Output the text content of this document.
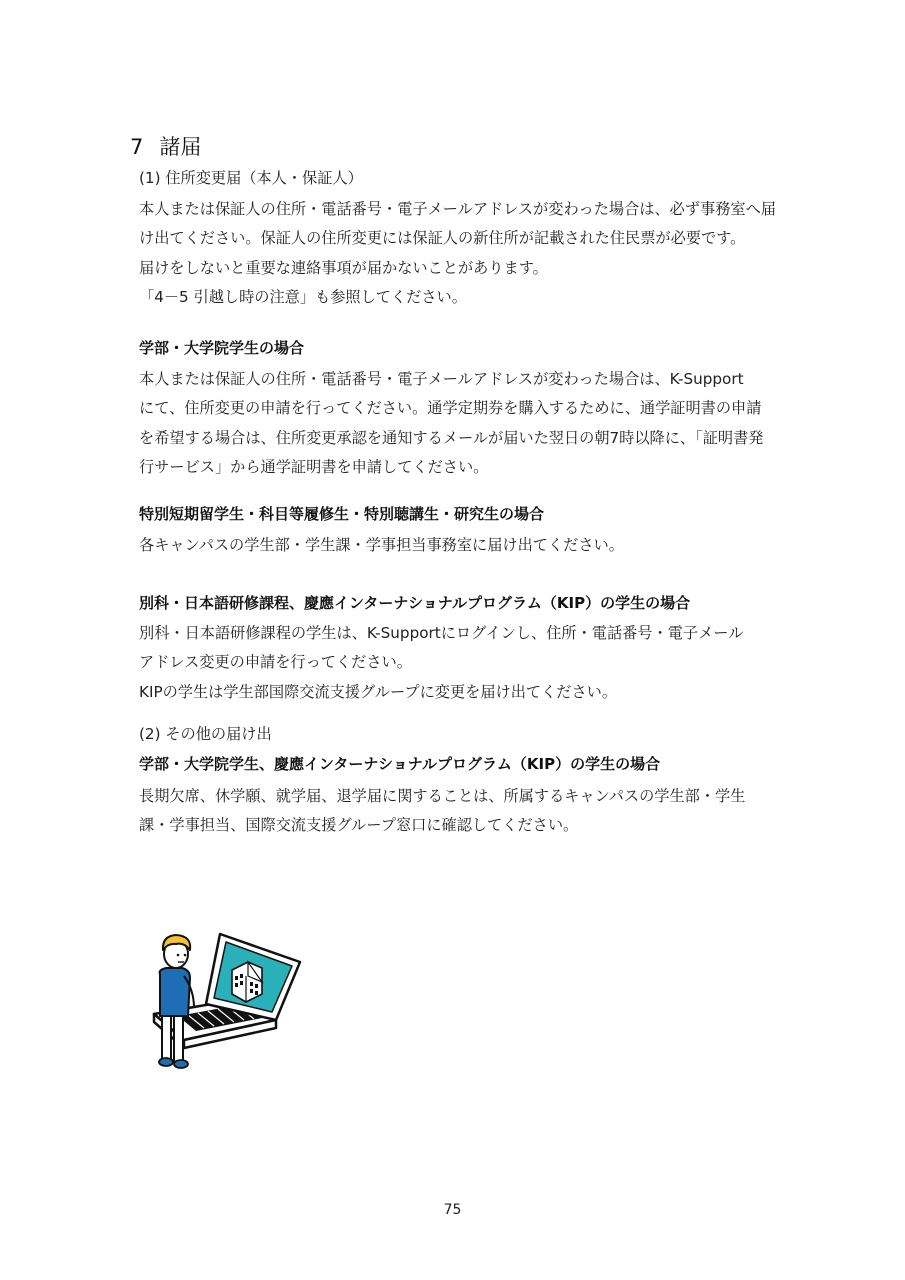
7 諸届
(1) 住所変更届（本人・保証人）

本人または保証人の住所・電話番号・電子メールアドレスが変わった場合は、必ず事務室へ届

け出てください。保証人の住所変更には保証人の新住所が記載された住民票が必要です。

届けをしないと重要な連絡事項が届かないことがあります。

「4－5 引越し時の注意」も参照してください。

学部・大学院学生の場合

本人または保証人の住所・電話番号・電子メールアドレスが変わった場合は、K-Support

にて、住所変更の申請を行ってください。通学定期券を購入するために、通学証明書の申請

を希望する場合は、住所変更承認を通知するメールが届いた翌日の朝7時以降に、「証明書発

行サービス」から通学証明書を申請してください。

特別短期留学生・科目等履修生・特別聴講生・研究生の場合

各キャンパスの学生部・学生課・学事担当事務室に届け出てください。

別科・日本語研修課程、慶應インターナショナルプログラム（KIP）の学生の場合

別科・日本語研修課程の学生は、K-Supportにログインし、住所・電話番号・電子メール

アドレス変更の申請を行ってください。

KIPの学生は学生部国際交流支援グループに変更を届け出てください。

(2) その他の届け出
学部・大学院学生、慶應インターナショナルプログラム（KIP）の学生の場合

長期欠席、休学願、就学届、退学届に関することは、所属するキャンパスの学生部・学生

課・学事担当、国際交流支援グループ窓口に確認してください。

75
